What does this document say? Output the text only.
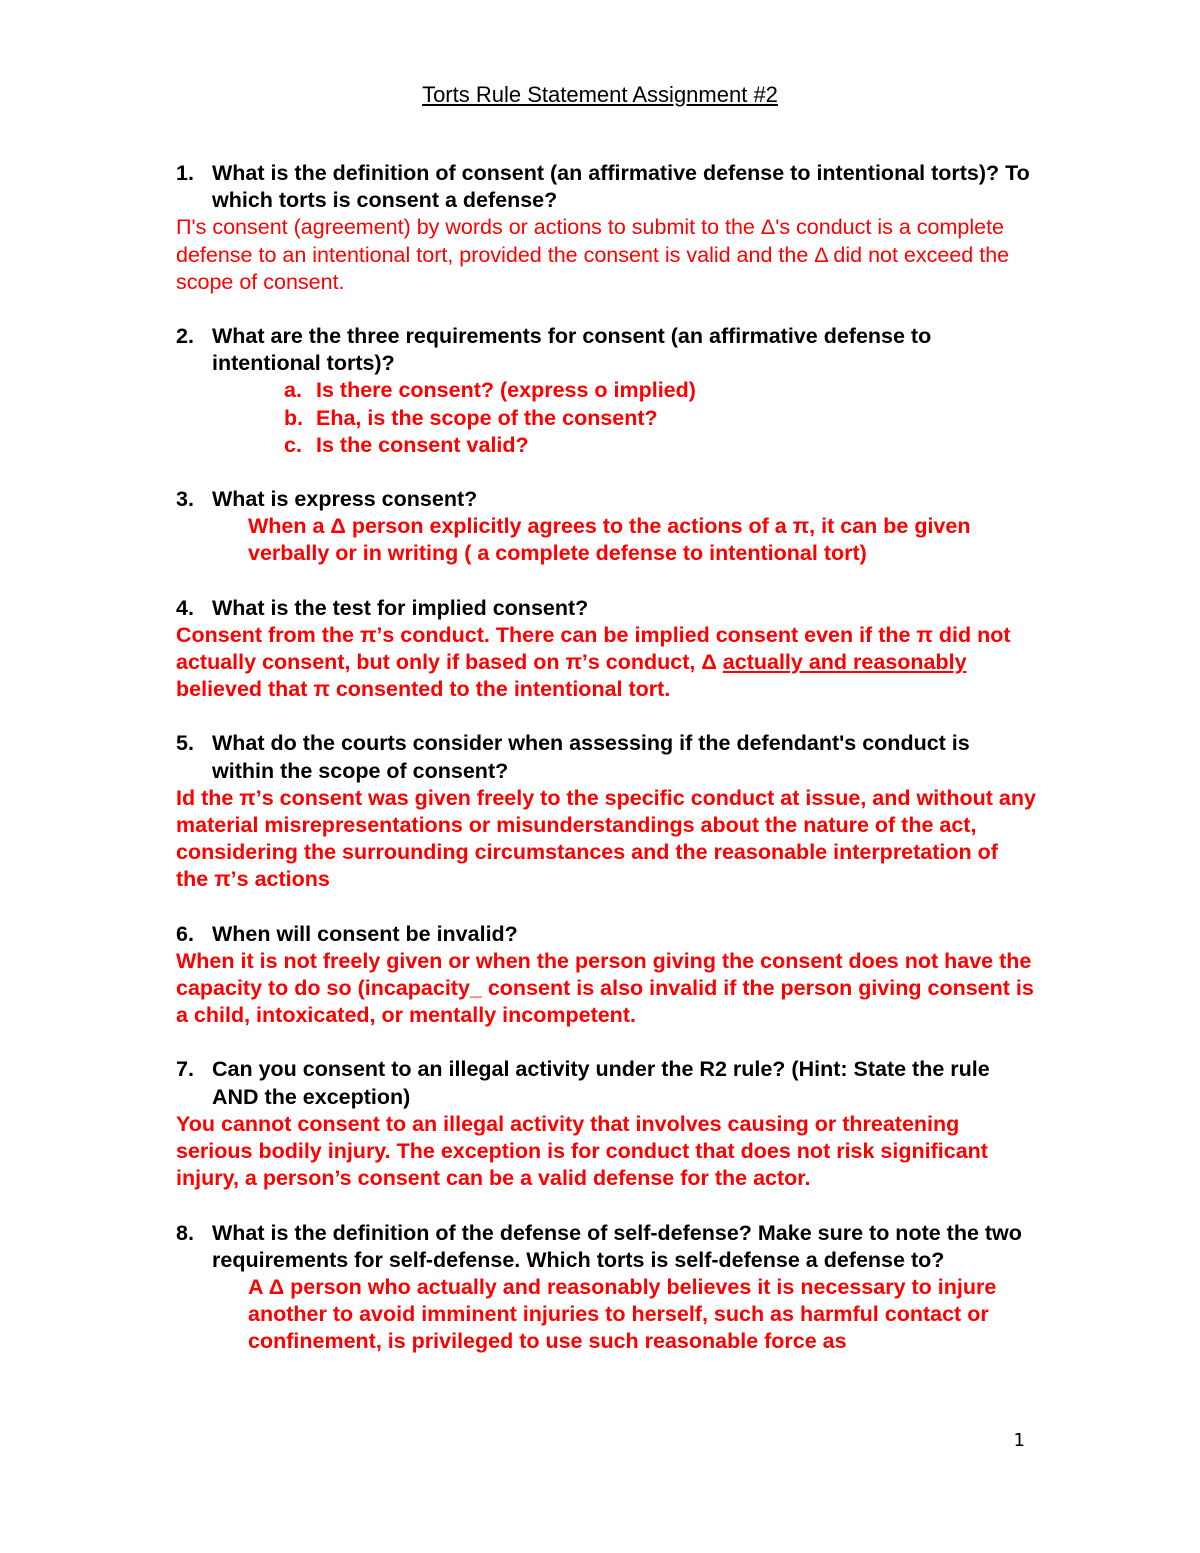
Torts Rule Statement Assignment #2
1. What is the definition of consent (an affirmative defense to intentional torts)? To which torts is consent a defense?
Π's consent (agreement) by words or actions to submit to the Δ's conduct is a complete defense to an intentional tort, provided the consent is valid and the Δ did not exceed the scope of consent.
2. What are the three requirements for consent (an affirmative defense to intentional torts)?
a. Is there consent? (express o implied)
b. Eha, is the scope of the consent?
c. Is the consent valid?
3. What is express consent?
When a Δ person explicitly agrees to the actions of a π, it can be given verbally or in writing ( a complete defense to intentional tort)
4. What is the test for implied consent?
Consent from the π’s conduct. There can be implied consent even if the π did not actually consent, but only if based on π’s conduct, Δ actually and reasonably believed that π consented to the intentional tort.
5. What do the courts consider when assessing if the defendant's conduct is within the scope of consent?
Id the π’s consent was given freely to the specific conduct at issue, and without any material misrepresentations or misunderstandings about the nature of the act, considering the surrounding circumstances and the reasonable interpretation of the π’s actions
6. When will consent be invalid?
When it is not freely given or when the person giving the consent does not have the capacity to do so (incapacity_ consent is also invalid if the person giving consent is a child, intoxicated, or mentally incompetent.
7. Can you consent to an illegal activity under the R2 rule? (Hint: State the rule AND the exception)
You cannot consent to an illegal activity that involves causing or threatening serious bodily injury. The exception is for conduct that does not risk significant injury, a person’s consent can be a valid defense for the actor.
8. What is the definition of the defense of self-defense? Make sure to note the two requirements for self-defense. Which torts is self-defense a defense to?
A Δ person who actually and reasonably believes it is necessary to injure another to avoid imminent injuries to herself, such as harmful contact or confinement, is privileged to use such reasonable force as
1
